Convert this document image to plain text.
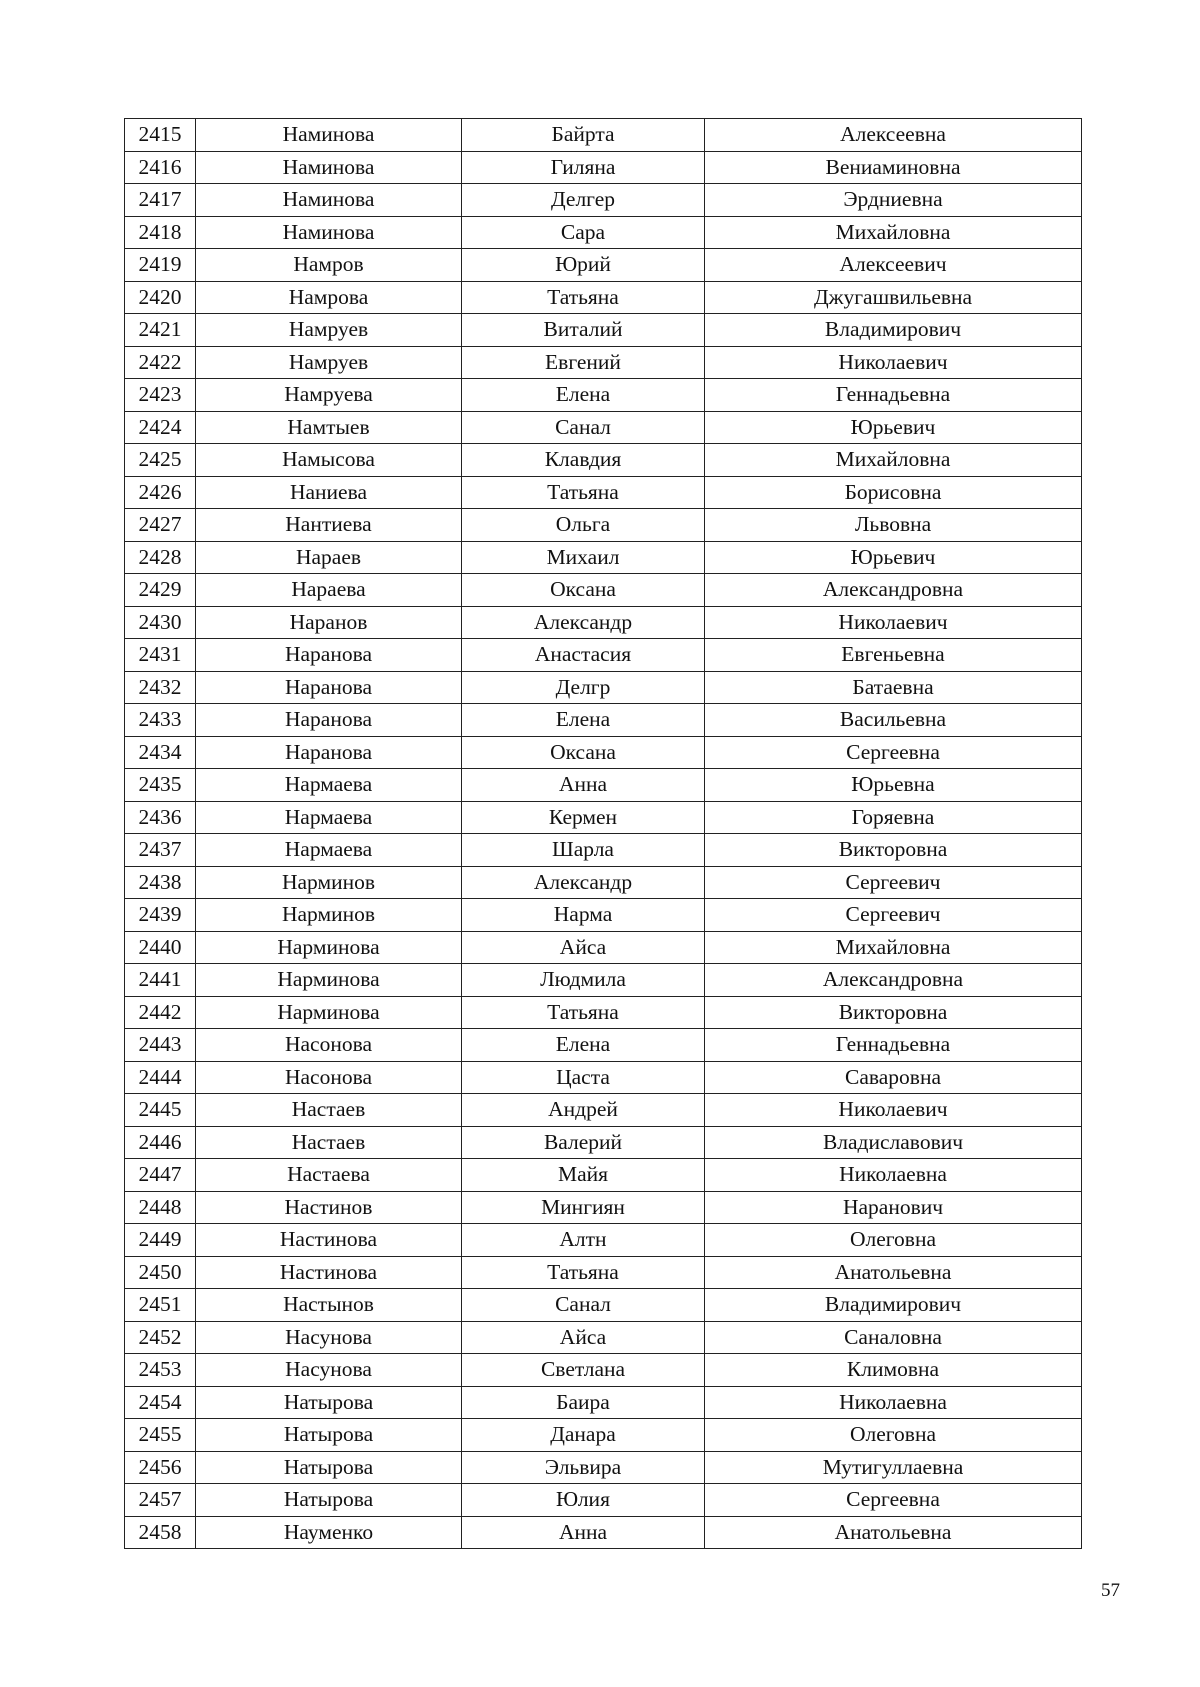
2415	Наминова	Байрта	Алексеевна
2416	Наминова	Гиляна	Вениаминовна
2417	Наминова	Делгер	Эрдниевна
2418	Наминова	Сара	Михайловна
2419	Намров	Юрий	Алексеевич
2420	Намрова	Татьяна	Джугашвильевна
2421	Намруев	Виталий	Владимирович
2422	Намруев	Евгений	Николаевич
2423	Намруева	Елена	Геннадьевна
2424	Намтыев	Санал	Юрьевич
2425	Намысова	Клавдия	Михайловна
2426	Наниева	Татьяна	Борисовна
2427	Нантиева	Ольга	Львовна
2428	Нараев	Михаил	Юрьевич
2429	Нараева	Оксана	Александровна
2430	Наранов	Александр	Николаевич
2431	Наранова	Анастасия	Евгеньевна
2432	Наранова	Делгр	Батаевна
2433	Наранова	Елена	Васильевна
2434	Наранова	Оксана	Сергеевна
2435	Нармаева	Анна	Юрьевна
2436	Нармаева	Кермен	Горяевна
2437	Нармаева	Шарла	Викторовна
2438	Нарминов	Александр	Сергеевич
2439	Нарминов	Нарма	Сергеевич
2440	Нарминова	Айса	Михайловна
2441	Нарминова	Людмила	Александровна
2442	Нарминова	Татьяна	Викторовна
2443	Насонова	Елена	Геннадьевна
2444	Насонова	Цаста	Саваровна
2445	Настаев	Андрей	Николаевич
2446	Настаев	Валерий	Владиславович
2447	Настаева	Майя	Николаевна
2448	Настинов	Мингиян	Наранович
2449	Настинова	Алтн	Олеговна
2450	Настинова	Татьяна	Анатольевна
2451	Настынов	Санал	Владимирович
2452	Насунова	Айса	Саналовна
2453	Насунова	Светлана	Климовна
2454	Натырова	Баира	Николаевна
2455	Натырова	Данара	Олеговна
2456	Натырова	Эльвира	Мутигуллаевна
2457	Натырова	Юлия	Сергеевна
2458	Науменко	Анна	Анатольевна
57
